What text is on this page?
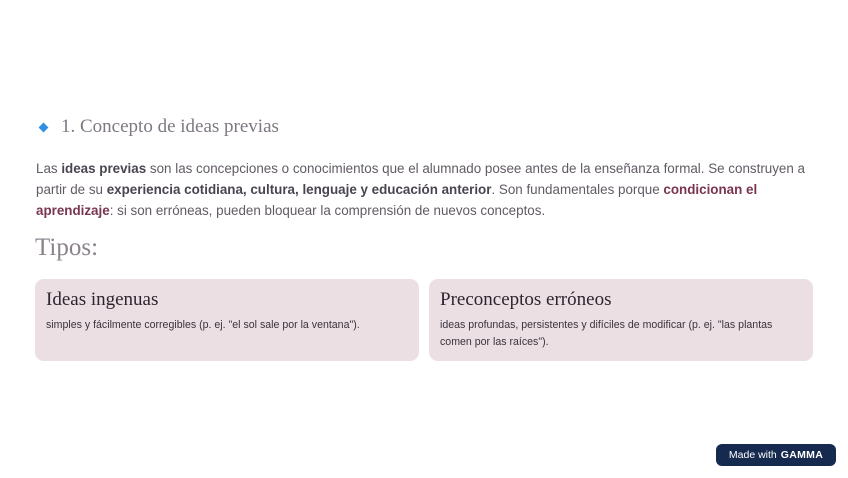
1. Concepto de ideas previas
Las ideas previas son las concepciones o conocimientos que el alumnado posee antes de la enseñanza formal. Se construyen a partir de su experiencia cotidiana, cultura, lenguaje y educación anterior. Son fundamentales porque condicionan el aprendizaje: si son erróneas, pueden bloquear la comprensión de nuevos conceptos.
Tipos:
Ideas ingenuas
simples y fácilmente corregibles (p. ej. "el sol sale por la ventana").
Preconceptos erróneos
ideas profundas, persistentes y difíciles de modificar (p. ej. "las plantas comen por las raíces").
Made with GAMMA
